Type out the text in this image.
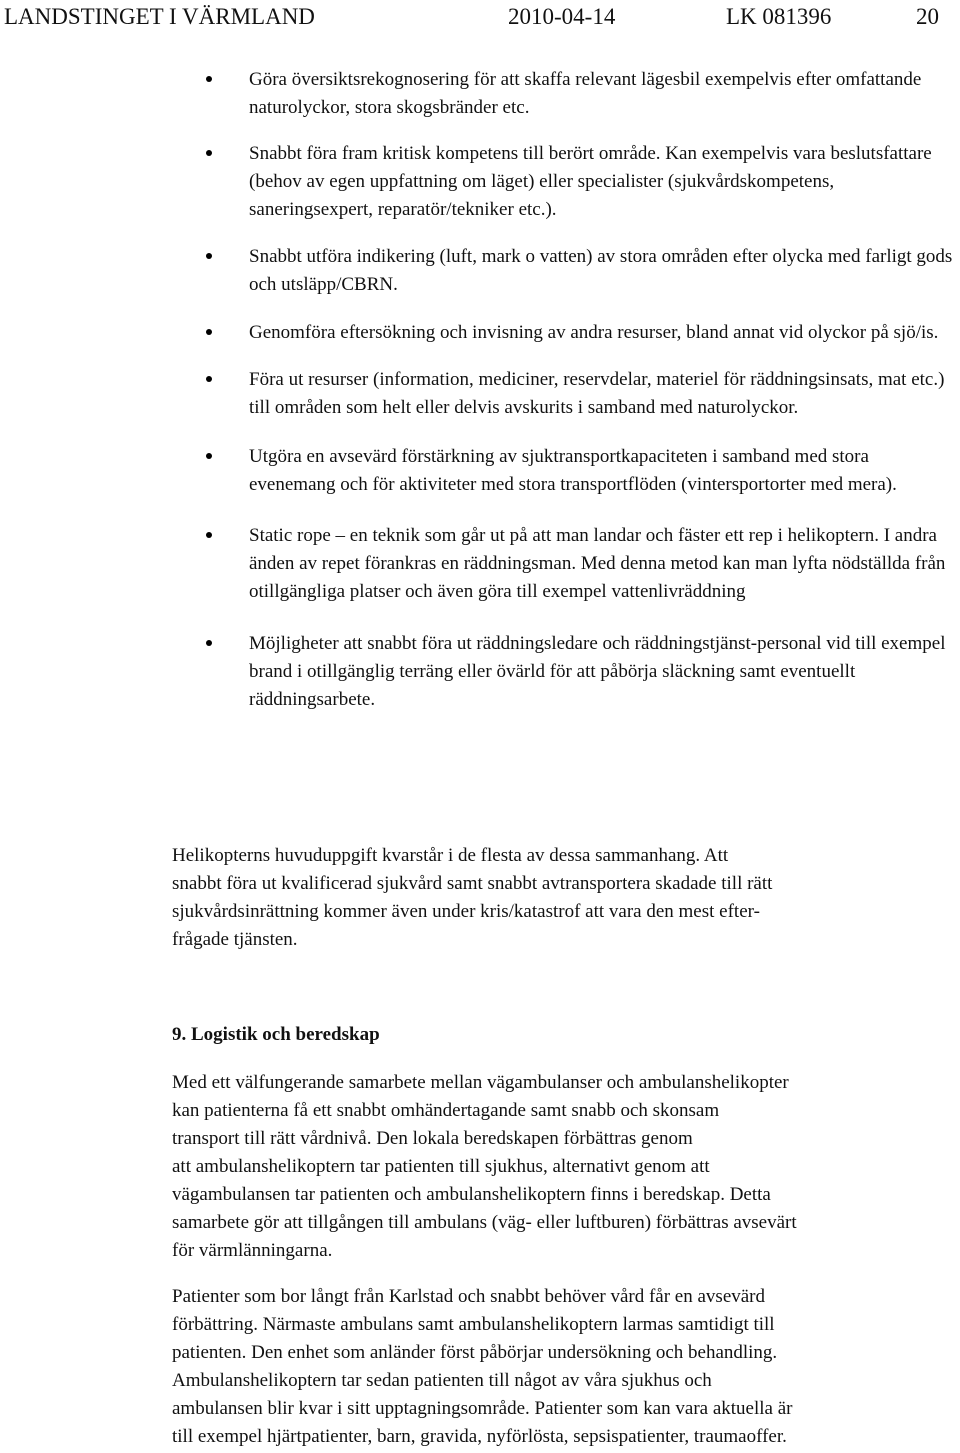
LANDSTINGET I VÄRMLAND	2010-04-14	LK 081396	20
Göra översiktsrekognosering för att skaffa relevant lägesbil exempelvis efter omfattande naturolyckor, stora skogsbränder etc.
Snabbt föra fram kritisk kompetens till berört område. Kan exempelvis vara beslutsfattare (behov av egen uppfattning om läget) eller specialister (sjukvårdskompetens, saneringsexpert, reparatör/tekniker etc.).
Snabbt utföra indikering (luft, mark o vatten) av stora områden efter olycka med farligt gods och utsläpp/CBRN.
Genomföra eftersökning och invisning av andra resurser, bland annat vid olyckor på sjö/is.
Föra ut resurser (information, mediciner, reservdelar, materiel för räddningsinsats, mat etc.) till områden som helt eller delvis avskurits i samband med naturolyckor.
Utgöra en avsevärd förstärkning av sjuktransportkapaciteten i samband med stora evenemang och för aktiviteter med stora transportflöden (vintersportorter med mera).
Static rope – en teknik som går ut på att man landar och fäster ett rep i helikoptern. I andra änden av repet förankras en räddningsman. Med denna metod kan man lyfta nödställda från otillgängliga platser och även göra till exempel vattenlivräddning
Möjligheter att snabbt föra ut räddningsledare och räddningstjänst-personal vid till exempel brand i otillgänglig terräng eller övärld för att påbörja släckning samt eventuellt räddningsarbete.
Helikopterns huvuduppgift kvarstår i de flesta av dessa sammanhang. Att
snabbt föra ut kvalificerad sjukvård samt snabbt avtransportera skadade till rätt
sjukvårdsinrättning kommer även under kris/katastrof att vara den mest efter-
frågade tjänsten.
9. Logistik och beredskap
Med ett välfungerande samarbete mellan vägambulanser och ambulanshelikopter
kan patienterna få ett snabbt omhändertagande samt snabb och skonsam
transport till rätt vårdnivå. Den lokala beredskapen förbättras genom
att ambulanshelikoptern tar patienten till sjukhus, alternativt genom att
vägambulansen tar patienten och ambulanshelikoptern finns i beredskap. Detta
samarbete gör att tillgången till ambulans (väg- eller luftburen) förbättras avsevärt
för värmlänningarna.
Patienter som bor långt från Karlstad och snabbt behöver vård får en avsevärd
förbättring. Närmaste ambulans samt ambulanshelikoptern larmas samtidigt till
patienten. Den enhet som anländer först påbörjar undersökning och behandling.
Ambulanshelikoptern tar sedan patienten till något av våra sjukhus och
ambulansen blir kvar i sitt upptagningsområde. Patienter som kan vara aktuella är
till exempel hjärtpatienter, barn, gravida, nyförlösta, sepsispatienter, traumaoffer.
